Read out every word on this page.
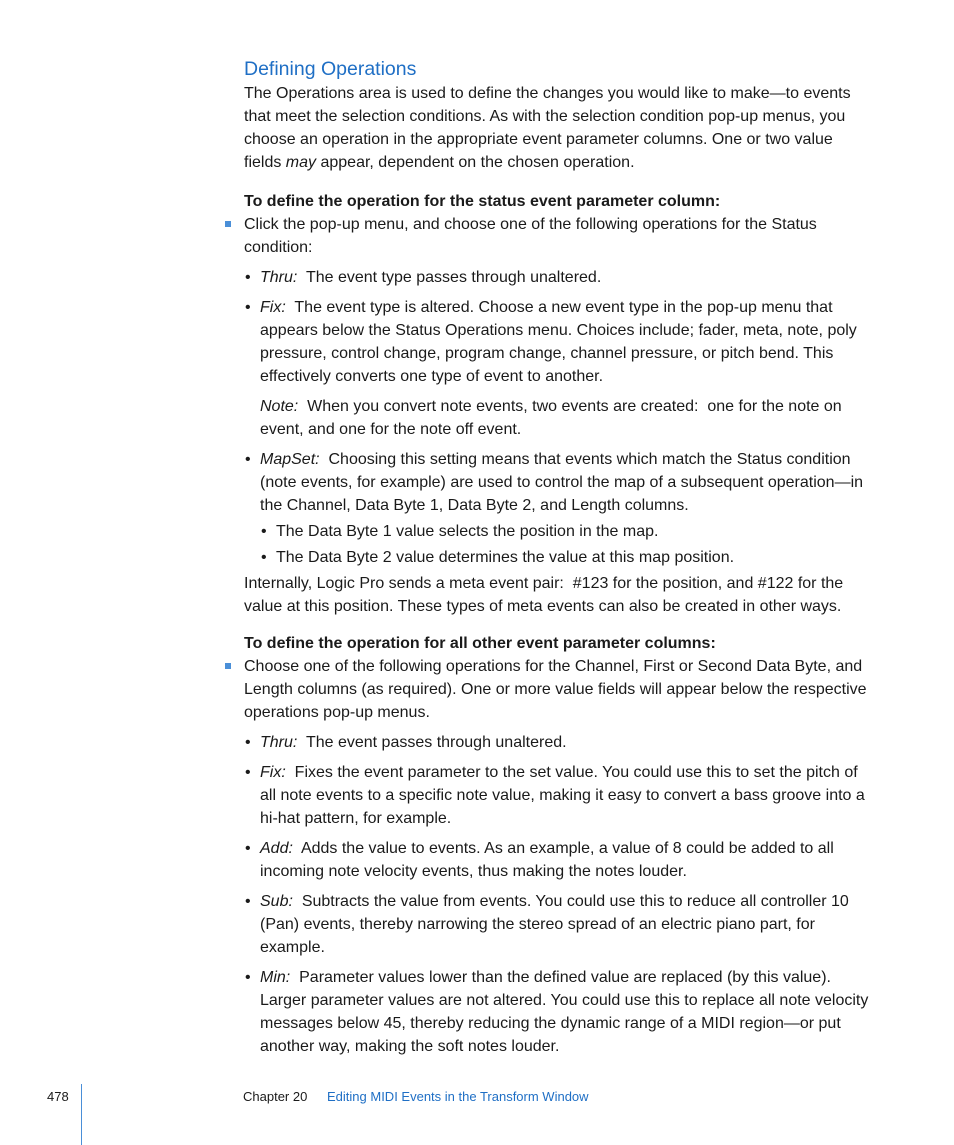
Defining Operations

The Operations area is used to define the changes you would like to make—to events that meet the selection conditions. As with the selection condition pop-up menus, you choose an operation in the appropriate event parameter columns. One or two value fields may appear, dependent on the chosen operation.

To define the operation for the status event parameter column:

Click the pop-up menu, and choose one of the following operations for the Status condition:
• Thru: The event type passes through unaltered.
• Fix: The event type is altered. Choose a new event type in the pop-up menu that appears below the Status Operations menu. Choices include; fader, meta, note, poly pressure, control change, program change, channel pressure, or pitch bend. This effectively converts one type of event to another.

Note: When you convert note events, two events are created:  one for the note on event, and one for the note off event.

• MapSet: Choosing this setting means that events which match the Status condition (note events, for example) are used to control the map of a subsequent operation—in the Channel, Data Byte 1, Data Byte 2, and Length columns.
• The Data Byte 1 value selects the position in the map.
• The Data Byte 2 value determines the value at this map position.

Internally, Logic Pro sends a meta event pair:  #123 for the position, and #122 for the value at this position. These types of meta events can also be created in other ways.

To define the operation for all other event parameter columns:

Choose one of the following operations for the Channel, First or Second Data Byte, and Length columns (as required). One or more value fields will appear below the respective operations pop-up menus.
• Thru: The event passes through unaltered.
• Fix: Fixes the event parameter to the set value. You could use this to set the pitch of all note events to a specific note value, making it easy to convert a bass groove into a hi-hat pattern, for example.
• Add: Adds the value to events. As an example, a value of 8 could be added to all incoming note velocity events, thus making the notes louder.
• Sub: Subtracts the value from events. You could use this to reduce all controller 10 (Pan) events, thereby narrowing the stereo spread of an electric piano part, for example.
• Min: Parameter values lower than the defined value are replaced (by this value). Larger parameter values are not altered. You could use this to replace all note velocity messages below 45, thereby reducing the dynamic range of a MIDI region—or put another way, making the soft notes louder.
478	Chapter 20 Editing MIDI Events in the Transform Window
